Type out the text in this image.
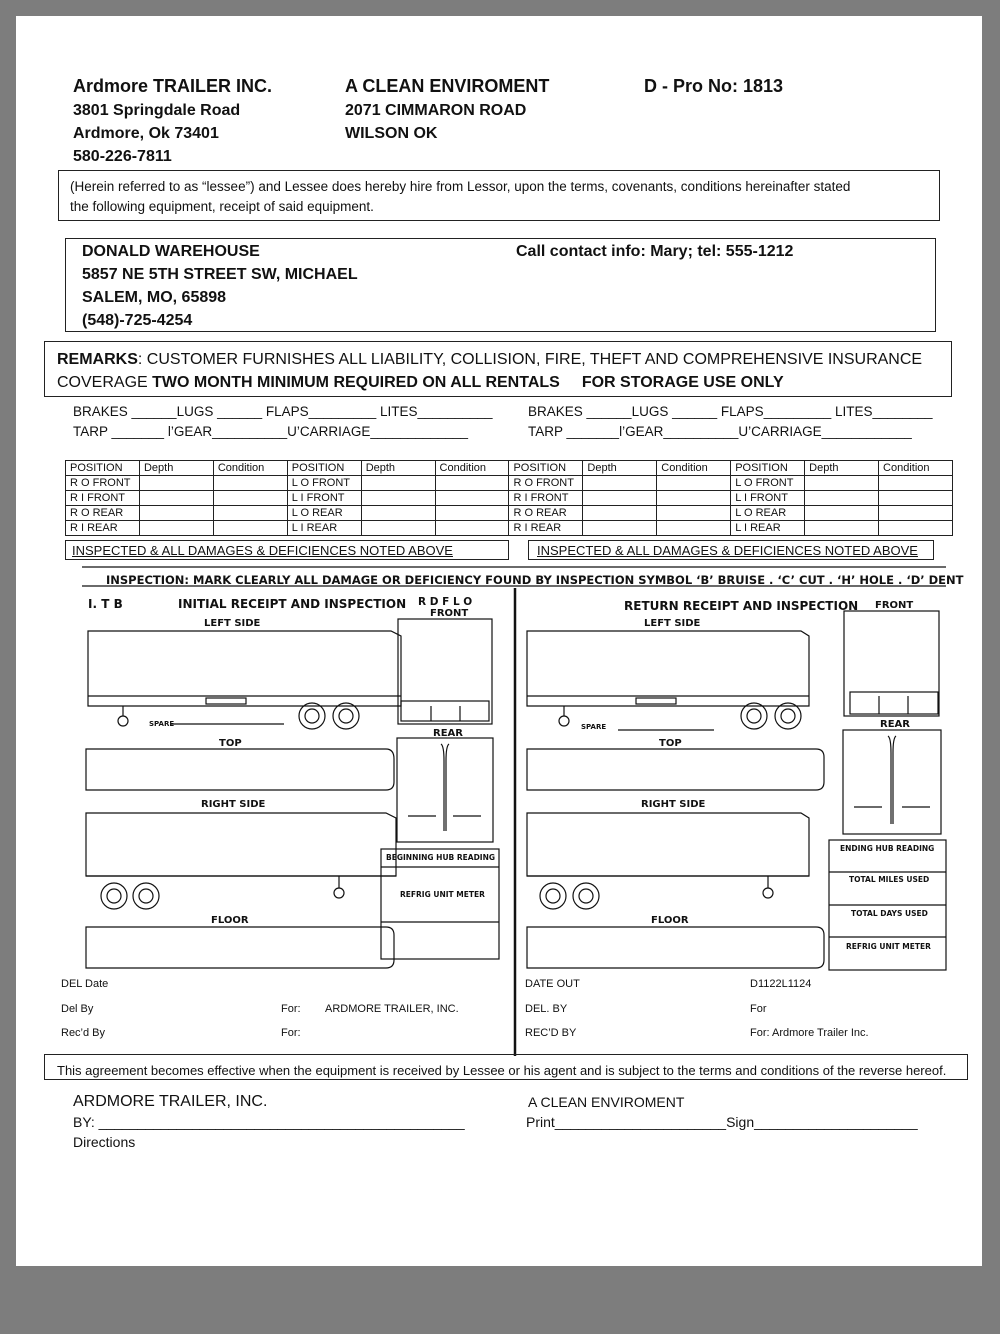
Ardmore TRAILER INC.
3801 Springdale Road
Ardmore, Ok 73401
580-226-7811
A CLEAN ENVIROMENT
2071 CIMMARON ROAD
WILSON OK
D - Pro No: 1813
(Herein referred to as “lessee”) and Lessee does hereby hire from Lessor, upon the terms, covenants, conditions hereinafter stated
the following equipment, receipt of said equipment.
DONALD WAREHOUSE
5857 NE 5TH STREET SW, MICHAEL
SALEM, MO, 65898
(548)-725-4254
Call contact info: Mary; tel: 555-1212
REMARKS: CUSTOMER FURNISHES ALL LIABILITY, COLLISION, FIRE, THEFT AND COMPREHENSIVE INSURANCE
COVERAGE TWO MONTH MINIMUM REQUIRED ON ALL RENTALS FOR STORAGE USE ONLY
BRAKES ______LUGS ______ FLAPS_________ LITES__________
TARP _______ l’GEAR__________U’CARRIAGE_____________
BRAKES ______LUGS ______ FLAPS_________ LITES________
TARP _______l’GEAR__________U’CARRIAGE____________
POSITION	Depth	Condition	POSITION	Depth	Condition	POSITION	Depth	Condition	POSITION	Depth	Condition
R O FRONT			L O FRONT			R O FRONT			L O FRONT		
R I FRONT			L I FRONT			R I FRONT			L I FRONT		
R O REAR			L O REAR			R O REAR			L O REAR		
R I REAR			L I REAR			R I REAR			L I REAR		
INSPECTED & ALL DAMAGES & DEFICIENCES NOTED ABOVE	INSPECTED & ALL DAMAGES & DEFICIENCES NOTED ABOVE
INSPECTION: MARK CLEARLY ALL DAMAGE OR DEFICIENCY FOUND BY INSPECTION SYMBOL ‘B’ BRUISE . ‘C’ CUT . ‘H’ HOLE . ‘D’ DENT
I. T B	INITIAL RECEIPT AND INSPECTION R D F L O
FRONT
LEFT SIDE
SPARE
TOP
REAR
RIGHT SIDE
FLOOR
BEGINNING HUB READING
REFRIG UNIT METER
RETURN RECEIPT AND INSPECTION FRONT
LEFT SIDE
SPARE
TOP
REAR
RIGHT SIDE
FLOOR
ENDING HUB READING
TOTAL MILES USED
TOTAL DAYS USED
REFRIG UNIT METER
DEL Date
Del By	For: ARDMORE TRAILER, INC.
Rec’d By	For:
DATE OUT	D1122L1124
DEL. BY	For
REC’D BY	For: Ardmore Trailer Inc.
This agreement becomes effective when the equipment is received by Lessee or his agent and is subject to the terms and conditions of the reverse hereof.
ARDMORE TRAILER, INC.
BY: _______________________________________________
Directions
A CLEAN ENVIROMENT
Print______________________Sign_____________________
